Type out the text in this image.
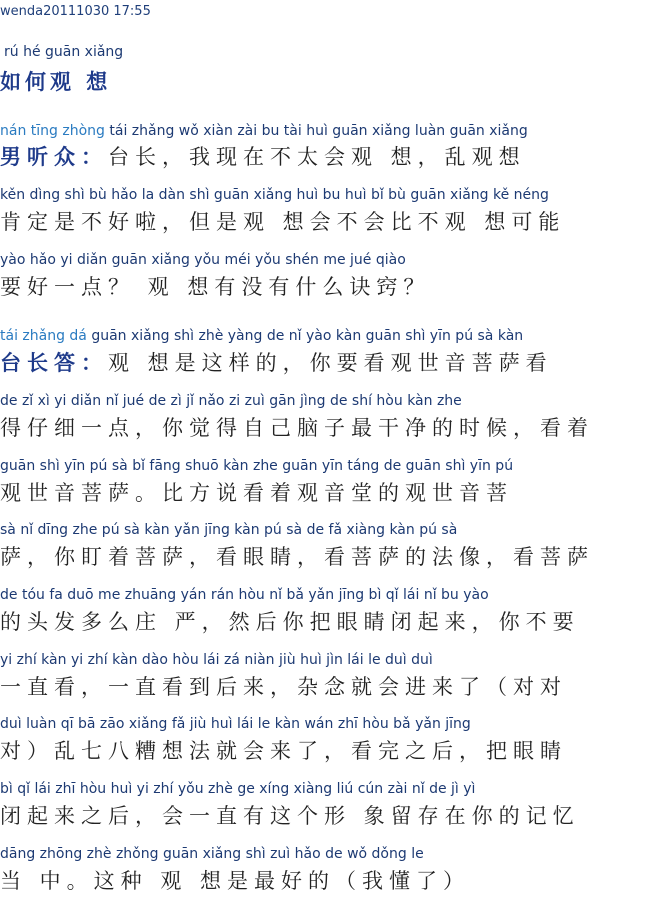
wenda20111030 17:55
rú hé guān xiǎng
如何观 想
nán tīng zhòng tái zhǎng wǒ xiàn zài bu tài huì guān xiǎng luàn guān xiǎng
男听众：台长，我现在不太会观 想，乱观想
kěn dìng shì bù hǎo la dàn shì guān xiǎng huì bu huì bǐ bù guān xiǎng kě néng
肯定是不好啦，但是观 想会不会比不观 想可能
yào hǎo yi diǎn guān xiǎng yǒu méi yǒu shén me jué qiào
要好一点？ 观 想有没有什么诀窍？
tái zhǎng dá guān xiǎng shì zhè yàng de nǐ yào kàn guān shì yīn pú sà kàn
台长答：观 想是这样的，你要看观世音菩萨看
de zǐ xì yi diǎn nǐ jué de zì jǐ nǎo zi zuì gān jìng de shí hòu kàn zhe
得仔细一点，你觉得自己脑子最干净的时候，看着
guān shì yīn pú sà bǐ fāng shuō kàn zhe guān yīn táng de guān shì yīn pú
观世音菩萨。比方说看着观音堂的观世音菩
sà nǐ dīng zhe pú sà kàn yǎn jīng kàn pú sà de fǎ xiàng kàn pú sà
萨，你盯着菩萨，看眼睛，看菩萨的法像，看菩萨
de tóu fa duō me zhuāng yán rán hòu nǐ bǎ yǎn jīng bì qǐ lái nǐ bu yào
的头发多么庄 严，然后你把眼睛闭起来，你不要
yi zhí kàn yi zhí kàn dào hòu lái zá niàn jiù huì jìn lái le duì duì
一直看，一直看到后来，杂念就会进来了（对对
duì luàn qī bā zāo xiǎng fǎ jiù huì lái le kàn wán zhī hòu bǎ yǎn jīng
对）乱七八糟想法就会来了，看完之后，把眼睛
bì qǐ lái zhī hòu huì yi zhí yǒu zhè ge xíng xiàng liú cún zài nǐ de jì yì
闭起来之后，会一直有这个形 象留存在你的记忆
dāng zhōng zhè zhǒng guān xiǎng shì zuì hǎo de wǒ dǒng le
当 中。这种 观 想是最好的（我懂了）
